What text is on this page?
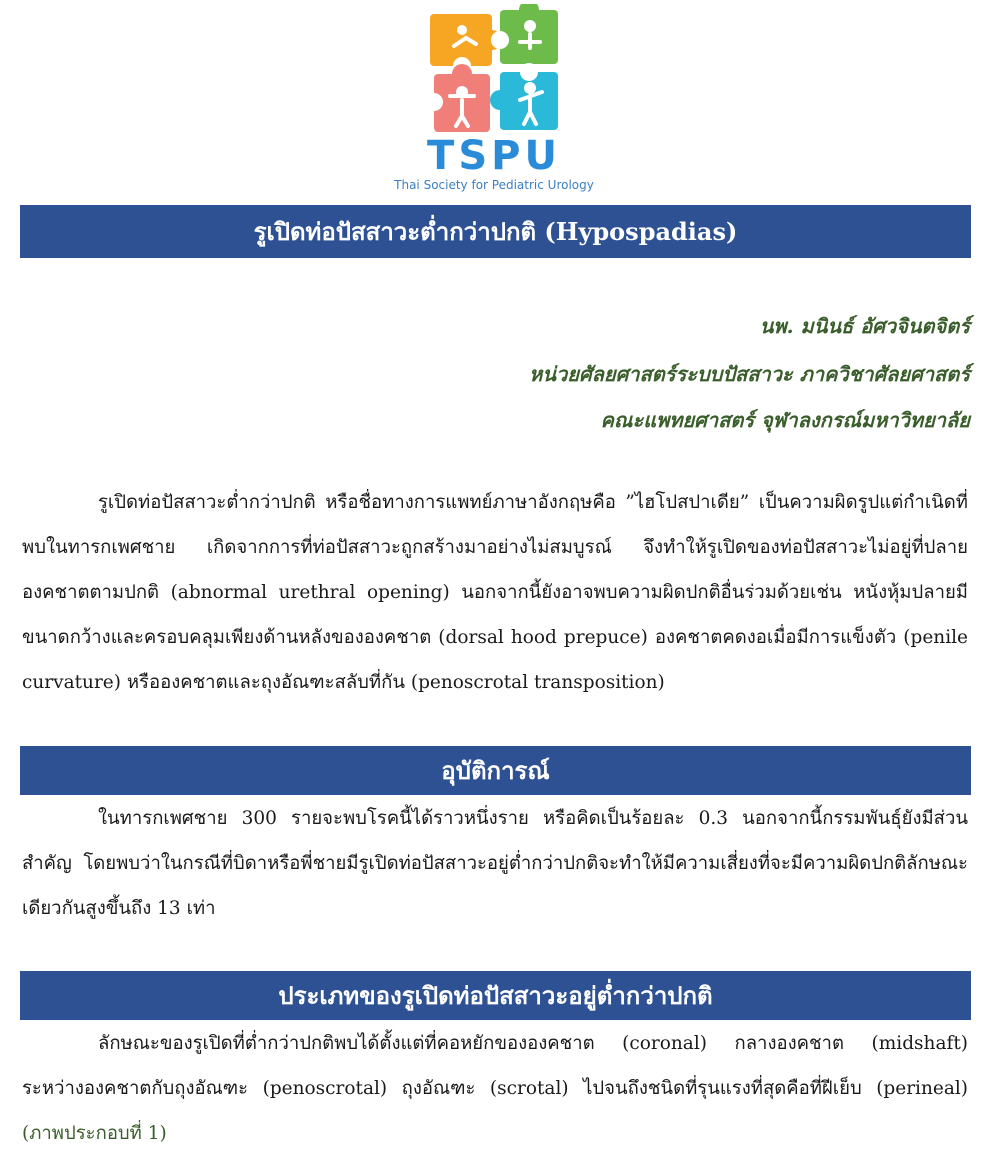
TSPU
Thai Society for Pediatric Urology
รูเปิดท่อปัสสาวะต่ำกว่าปกติ (Hypospadias)
นพ. มนินธ์ อัศวจินตจิตร์
หน่วยศัลยศาสตร์ระบบปัสสาวะ ภาควิชาศัลยศาสตร์
คณะแพทยศาสตร์ จุฬาลงกรณ์มหาวิทยาลัย

รูเปิดท่อปัสสาวะต่ำกว่าปกติ หรือชื่อทางการแพทย์ภาษาอังกฤษคือ ”ไฮโปสปาเดีย” เป็นความผิดรูปแต่กำเนิดที่พบในทารกเพศชาย เกิดจากการที่ท่อปัสสาวะถูกสร้างมาอย่างไม่สมบูรณ์ จึงทำให้รูเปิดของท่อปัสสาวะไม่อยู่ที่ปลายองคชาตตามปกติ (abnormal urethral opening) นอกจากนี้ยังอาจพบความผิดปกติอื่นร่วมด้วยเช่น หนังหุ้มปลายมีขนาดกว้างและครอบคลุมเพียงด้านหลังขององคชาต (dorsal hood prepuce) องคชาตคดงอเมื่อมีการแข็งตัว (penile curvature) หรือองคชาตและถุงอัณฑะสลับที่กัน (penoscrotal transposition)

อุบัติการณ์

ในทารกเพศชาย 300 รายจะพบโรคนี้ได้ราวหนึ่งราย หรือคิดเป็นร้อยละ 0.3 นอกจากนี้กรรมพันธุ์ยังมีส่วนสำคัญ โดยพบว่าในกรณีที่บิดาหรือพี่ชายมีรูเปิดท่อปัสสาวะอยู่ต่ำกว่าปกติจะทำให้มีความเสี่ยงที่จะมีความผิดปกติลักษณะเดียวกันสูงขึ้นถึง 13 เท่า

ประเภทของรูเปิดท่อปัสสาวะอยู่ต่ำกว่าปกติ

ลักษณะของรูเปิดที่ต่ำกว่าปกติพบได้ตั้งแต่ที่คอหยักขององคชาต (coronal) กลางองคชาต (midshaft) ระหว่างองคชาตกับถุงอัณฑะ (penoscrotal) ถุงอัณฑะ (scrotal) ไปจนถึงชนิดที่รุนแรงที่สุดคือที่ฝีเย็บ (perineal) (ภาพประกอบที่ 1)
